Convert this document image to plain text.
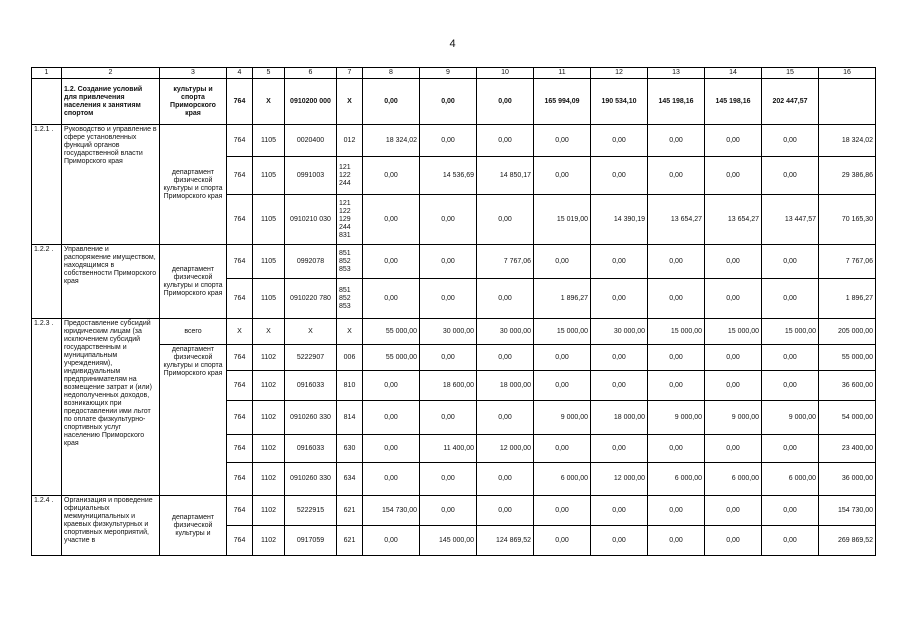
4
1	2	3	4	5	6	7	8	9	10	11	12	13	14	15	16
	1.2. Создание условий для привлечения населения к занятиям спортом	культуры и спорта Приморского края	764	X	0910200 000	X	0,00	0,00	0,00	165 994,09	190 534,10	145 198,16	145 198,16	202 447,57	
1.2.1 .	Руководство и управление в сфере установленных функций органов государственной власти Приморского края	департамент физической культуры и спорта Приморского края	764	1105	0020400	012	18 324,02	0,00	0,00	0,00	0,00	0,00	0,00	0,00	18 324,02
			764	1105	0991003	121 122 244	0,00	14 536,69	14 850,17	0,00	0,00	0,00	0,00	0,00	29 386,86
			764	1105	0910210 030	121 122 129 244 831	0,00	0,00	0,00	15 019,00	14 390,19	13 654,27	13 654,27	13 447,57	70 165,30
1.2.2 .	Управление и распоряжение имуществом, находящимся в собственности Приморского края	департамент физической культуры и спорта Приморского края	764	1105	0992078	851 852 853	0,00	0,00	7 767,06	0,00	0,00	0,00	0,00	0,00	7 767,06
			764	1105	0910220 780	851 852 853	0,00	0,00	0,00	1 896,27	0,00	0,00	0,00	0,00	1 896,27
1.2.3 .	Предоставление субсидий юридическим лицам (за исключением субсидий государственным и муниципальным учреждениям), индивидуальным предпринимателям на возмещение затрат и (или) недополученных доходов, возникающих при предоставлении ими льгот по оплате физкультурно-спортивных услуг населению Приморского края	всего	X	X	X	X	55 000,00	30 000,00	30 000,00	15 000,00	30 000,00	15 000,00	15 000,00	15 000,00	205 000,00
		департамент физической культуры и спорта Приморского края	764	1102	5222907	006	55 000,00	0,00	0,00	0,00	0,00	0,00	0,00	0,00	55 000,00
			764	1102	0916033	810	0,00	18 600,00	18 000,00	0,00	0,00	0,00	0,00	0,00	36 600,00
			764	1102	0910260 330	814	0,00	0,00	0,00	9 000,00	18 000,00	9 000,00	9 000,00	9 000,00	54 000,00
			764	1102	0916033	630	0,00	11 400,00	12 000,00	0,00	0,00	0,00	0,00	0,00	23 400,00
			764	1102	0910260 330	634	0,00	0,00	0,00	6 000,00	12 000,00	6 000,00	6 000,00	6 000,00	36 000,00
1.2.4 .	Организация и проведение официальных межмуниципальных и краевых физкультурных и спортивных мероприятий, участие в	департамент физической культуры и	764	1102	5222915	621	154 730,00	0,00	0,00	0,00	0,00	0,00	0,00	0,00	154 730,00
			764	1102	0917059	621	0,00	145 000,00	124 869,52	0,00	0,00	0,00	0,00	0,00	269 869,52
